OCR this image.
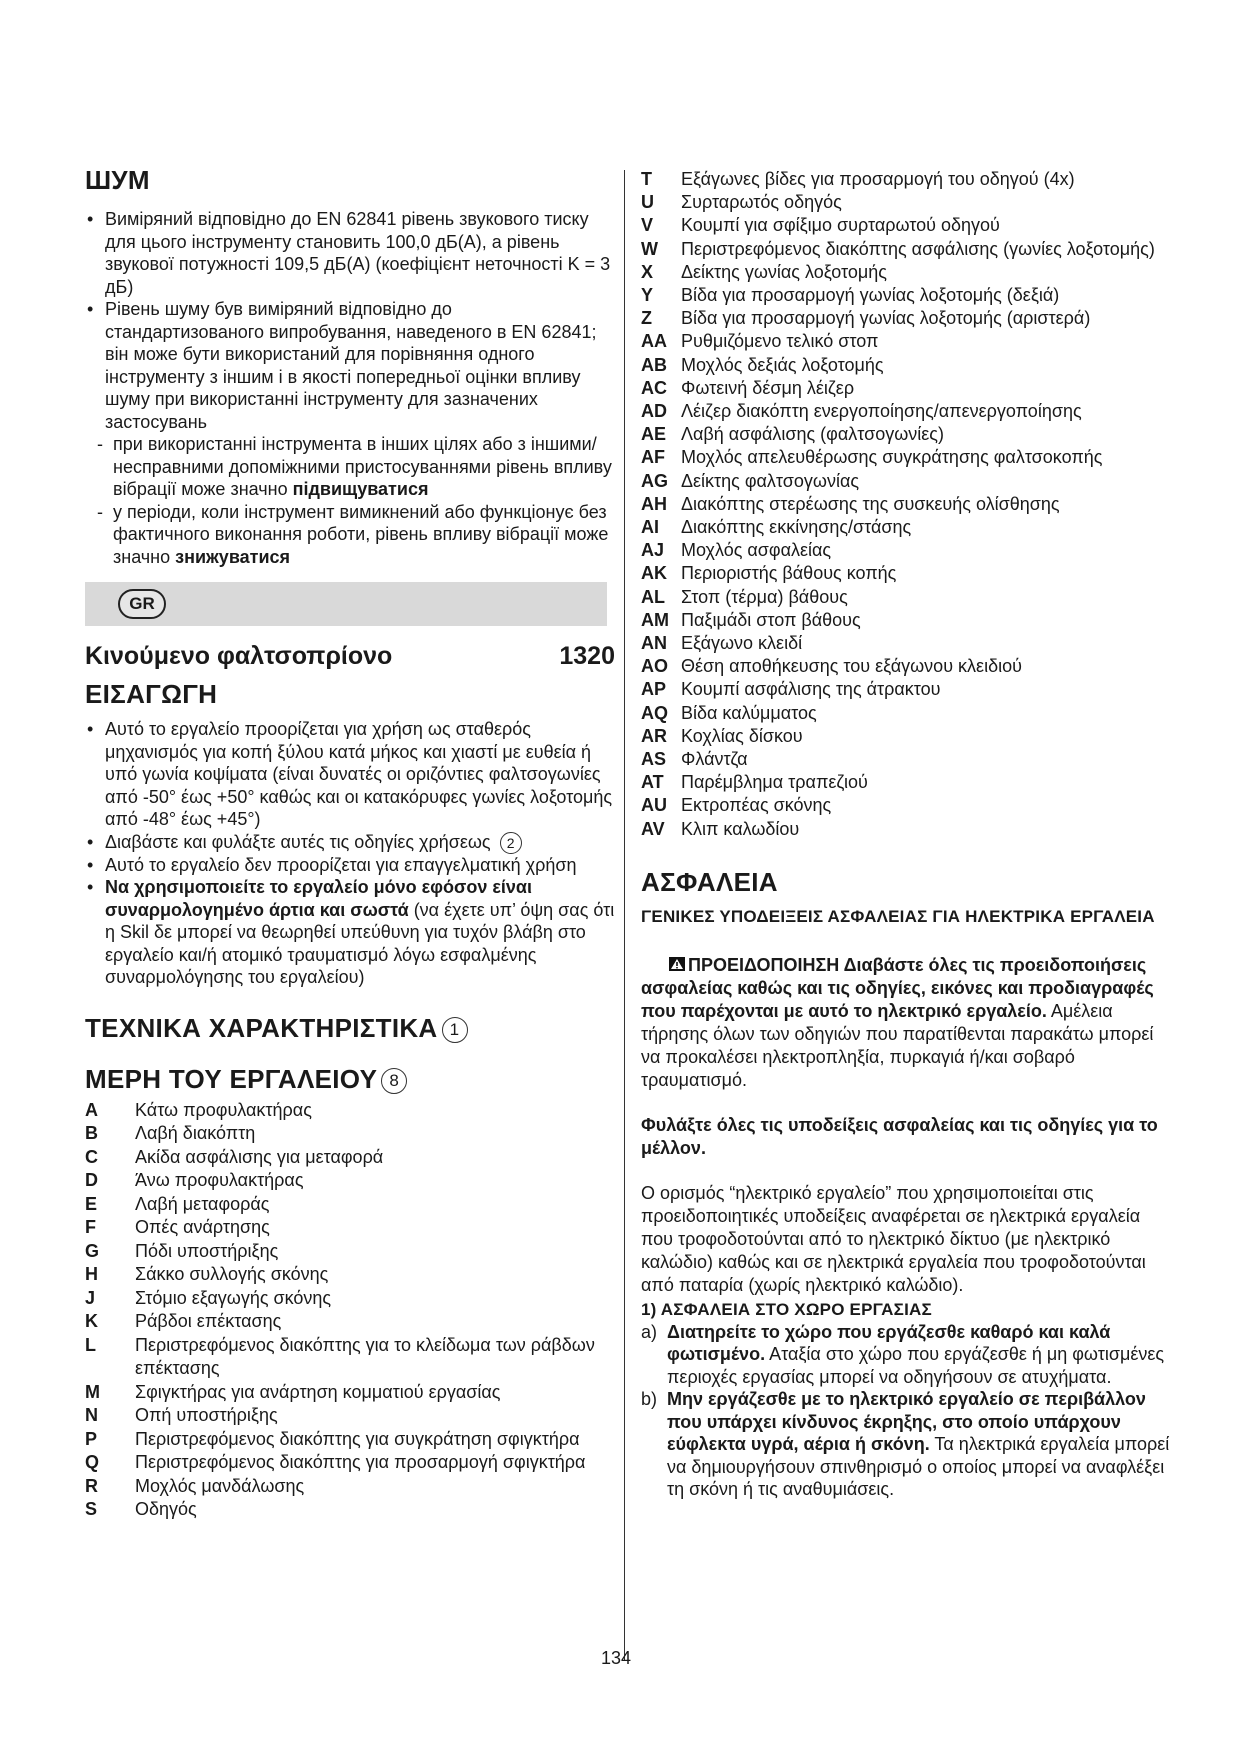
ШУМ
• Виміряний відповідно до EN 62841 рівень звукового тиску для цього інструменту становить 100,0 дБ(A), а рівень звукової потужності 109,5 дБ(A) (коефіцієнт неточності K = 3 дБ)
• Рівень шуму був виміряний відповідно до стандартизованого випробування, наведеного в EN 62841; він може бути використаний для порівняння одного інструменту з іншим і в якості попередньої оцінки впливу шуму при використанні інструменту для зазначених застосувань
- при використанні інструмента в інших цілях або з іншими/несправними допоміжними пристосуваннями рівень впливу вібрації може значно підвищуватися
- у періоди, коли інструмент вимикнений або функціонує без фактичного виконання роботи, рівень впливу вібрації може значно знижуватися
GR
Κινούμενο φαλτσοπρίονο	1320
ΕΙΣΑΓΩΓΗ
• Αυτό το εργαλείο προορίζεται για χρήση ως σταθερός μηχανισμός για κοπή ξύλου κατά μήκος και χιαστί με ευθεία ή υπό γωνία κοψίματα (είναι δυνατές οι οριζόντιες φαλτσογωνίες από -50° έως +50° καθώς και οι κατακόρυφες γωνίες λοξοτομής από -48° έως +45°)
• Διαβάστε και φυλάξτε αυτές τις οδηγίες χρήσεως 2
• Αυτό το εργαλείο δεν προορίζεται για επαγγελματική χρήση
• Να χρησιμοποιείτε το εργαλείο μόνο εφόσον είναι συναρμολογημένο άρτια και σωστά (να έχετε υπ’ όψη σας ότι η Skil δε μπορεί να θεωρηθεί υπεύθυνη για τυχόν βλάβη στο εργαλείο και/ή ατομικό τραυματισμό λόγω εσφαλμένης συναρμολόγησης του εργαλείου)
ΤΕΧΝΙΚΑ ΧΑΡΑΚΤΗΡΙΣΤΙΚΑ 1
ΜΕΡΗ ΤΟΥ ΕΡΓΑΛΕΙΟΥ 8
A	Κάτω προφυλακτήρας
B	Λαβή διακόπτη
C	Ακίδα ασφάλισης για μεταφορά
D	Άνω προφυλακτήρας
E	Λαβή μεταφοράς
F	Οπές ανάρτησης
G	Πόδι υποστήριξης
H	Σάκκο συλλογής σκόνης
J	Στόμιο εξαγωγής σκόνης
K	Ράβδοι επέκτασης
L	Περιστρεφόμενος διακόπτης για το κλείδωμα των ράβδων επέκτασης
M	Σφιγκτήρας για ανάρτηση κομματιού εργασίας
N	Οπή υποστήριξης
P	Περιστρεφόμενος διακόπτης για συγκράτηση σφιγκτήρα
Q	Περιστρεφόμενος διακόπτης για προσαρμογή σφιγκτήρα
R	Μοχλός μανδάλωσης
S	Οδηγός
T	Εξάγωνες βίδες για προσαρμογή του οδηγού (4x)
U	Συρταρωτός οδηγός
V	Κουμπί για σφίξιμο συρταρωτού οδηγού
W	Περιστρεφόμενος διακόπτης ασφάλισης (γωνίες λοξοτομής)
X	Δείκτης γωνίας λοξοτομής
Y	Βίδα για προσαρμογή γωνίας λοξοτομής (δεξιά)
Z	Βίδα για προσαρμογή γωνίας λοξοτομής (αριστερά)
AA Ρυθμιζόμενο τελικό στοπ
AB Μοχλός δεξιάς λοξοτομής
AC Φωτεινή δέσμη λέιζερ
AD Λέιζερ διακόπτη ενεργοποίησης/απενεργοποίησης
AE Λαβή ασφάλισης (φαλτσογωνίες)
AF Μοχλός απελευθέρωσης συγκράτησης φαλτσοκοπής
AG Δείκτης φαλτσογωνίας
AH Διακόπτης στερέωσης της συσκευής ολίσθησης
AI	Διακόπτης εκκίνησης/στάσης
AJ Μοχλός ασφαλείας
AK Περιοριστής βάθους κοπής
AL Στοπ (τέρμα) βάθους
AM Παξιμάδι στοπ βάθους
AN Εξάγωνο κλειδί
AO Θέση αποθήκευσης του εξάγωνου κλειδιού
AP Κουμπί ασφάλισης της άτρακτου
AQ Βίδα καλύμματος
AR Κοχλίας δίσκου
AS Φλάντζα
AT Παρέμβλημα τραπεζιού
AU Εκτροπέας σκόνης
AV Κλιπ καλωδίου
ΑΣΦΑΛΕΙΑ
ΓΕΝΙΚΕΣ ΥΠΟΔΕΙΞΕΙΣ ΑΣΦΑΛΕΙΑΣ ΓΙΑ ΗΛΕΚΤΡΙΚΑ ΕΡΓΑΛΕΙΑ
ΠΡΟΕΙΔΟΠΟΙΗΣΗ Διαβάστε όλες τις προειδοποιήσεις ασφαλείας καθώς και τις οδηγίες, εικόνες και προδιαγραφές που παρέχονται με αυτό το ηλεκτρικό εργαλείο. Αμέλεια τήρησης όλων των οδηγιών που παρατίθενται παρακάτω μπορεί να προκαλέσει ηλεκτροπληξία, πυρκαγιά ή/και σοβαρό τραυματισμό.
Φυλάξτε όλες τις υποδείξεις ασφαλείας και τις οδηγίες για το μέλλον.
Ο ορισμός “ηλεκτρικό εργαλείο” που χρησιμοποιείται στις προειδοποιητικές υποδείξεις αναφέρεται σε ηλεκτρικά εργαλεία που τροφοδοτούνται από το ηλεκτρικό δίκτυο (με ηλεκτρικό καλώδιο) καθώς και σε ηλεκτρικά εργαλεία που τροφοδοτούνται από παταρία (χωρίς ηλεκτρικό καλώδιο).
1) ΑΣΦΑΛΕΙΑ ΣΤΟ ΧΩΡΟ ΕΡΓΑΣΙΑΣ
a) Διατηρείτε το χώρο που εργάζεσθε καθαρό και καλά φωτισμένο. Αταξία στο χώρο που εργάζεσθε ή μη φωτισμένες περιοχές εργασίας μπορεί να οδηγήσουν σε ατυχήματα.
b) Μην εργάζεσθε με το ηλεκτρικό εργαλείο σε περιβάλλον που υπάρχει κίνδυνος έκρηξης, στο οποίο υπάρχουν εύφλεκτα υγρά, αέρια ή σκόνη. Τα ηλεκτρικά εργαλεία μπορεί να δημιουργήσουν σπινθηρισμό ο οποίος μπορεί να αναφλέξει τη σκόνη ή τις αναθυμιάσεις.
134
